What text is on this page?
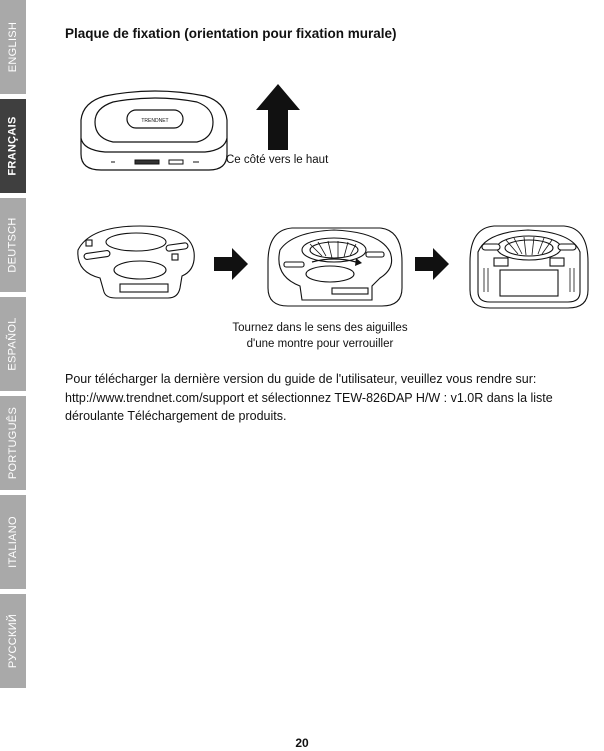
ENGLISH
FRANÇAIS
DEUTSCH
ESPAÑOL
PORTUGUÊS
ITALIANO
РУССКИЙ
Plaque de fixation (orientation pour fixation murale)
TRENDNET
Ce côté vers le haut
Tournez dans le sens des aiguilles
d'une montre pour verrouiller
Pour télécharger la dernière version du guide de l'utilisateur, veuillez vous rendre sur:
http://www.trendnet.com/support et sélectionnez TEW-826DAP H/W : v1.0R dans la liste
déroulante Téléchargement de produits.
20
